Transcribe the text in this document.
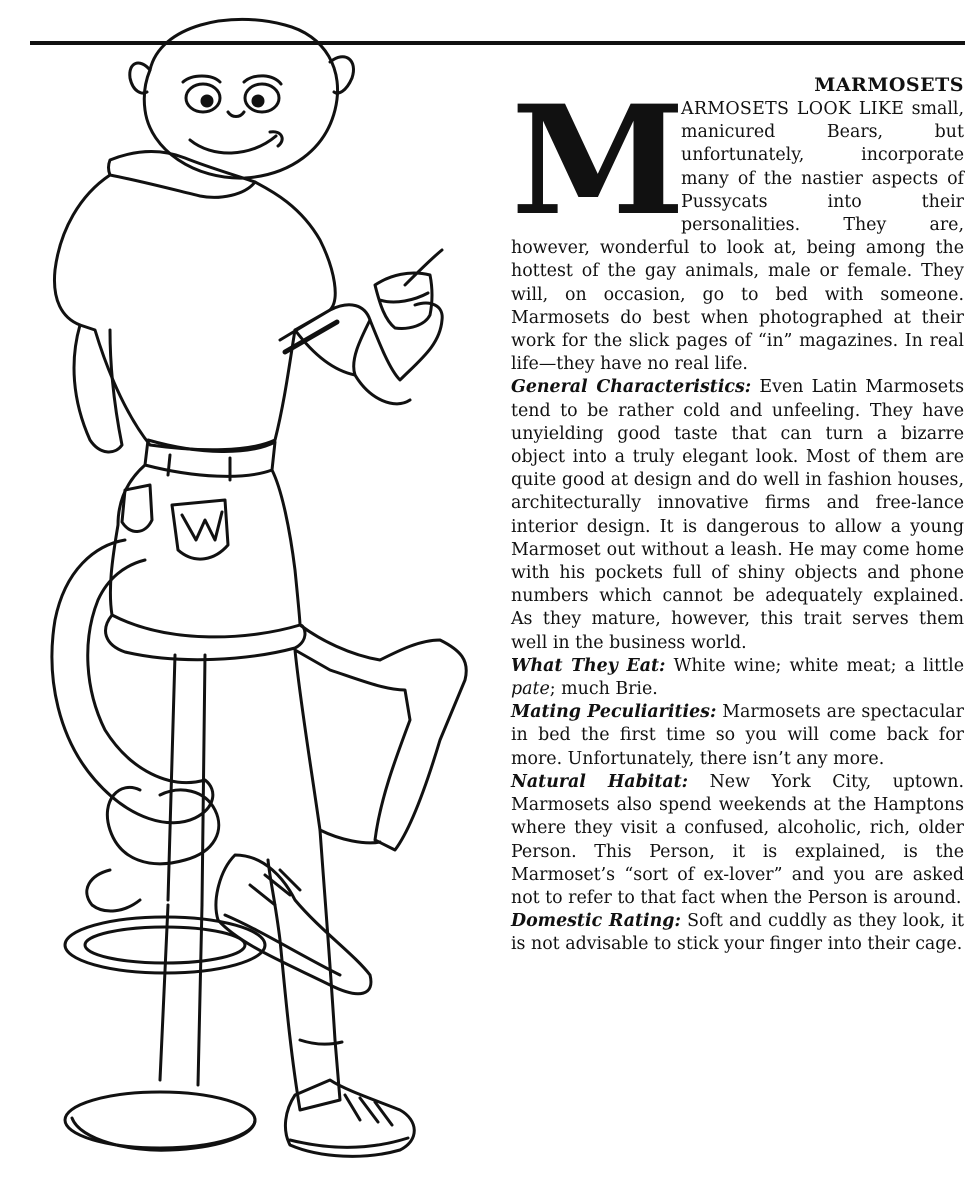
MARMOSETS

M
ARMOSETS LOOK LIKE small, manicured Bears, but unfortunately, incorporate many of the nastier aspects of Pussycats into their personalities. They are, however, wonderful to look at, being among the hottest of the gay animals, male or female. They will, on occasion, go to bed with someone. Marmosets do best when photographed at their work for the slick pages of “in” magazines. In real life—they have no real life.

General Characteristics: Even Latin Marmosets tend to be rather cold and unfeeling. They have unyielding good taste that can turn a bizarre object into a truly elegant look. Most of them are quite good at design and do well in fashion houses, architecturally innovative firms and free-lance interior design. It is dangerous to allow a young Marmoset out without a leash. He may come home with his pockets full of shiny objects and phone numbers which cannot be adequately explained. As they mature, however, this trait serves them well in the business world.

What They Eat: White wine; white meat; a little pate; much Brie.

Mating Peculiarities: Marmosets are spectacular in bed the first time so you will come back for more. Unfortunately, there isn’t any more.

Natural Habitat: New York City, uptown. Marmosets also spend weekends at the Hamptons where they visit a confused, alcoholic, rich, older Person. This Person, it is explained, is the Marmoset’s “sort of ex-lover” and you are asked not to refer to that fact when the Person is around.

Domestic Rating: Soft and cuddly as they look, it is not advisable to stick your finger into their cage.
